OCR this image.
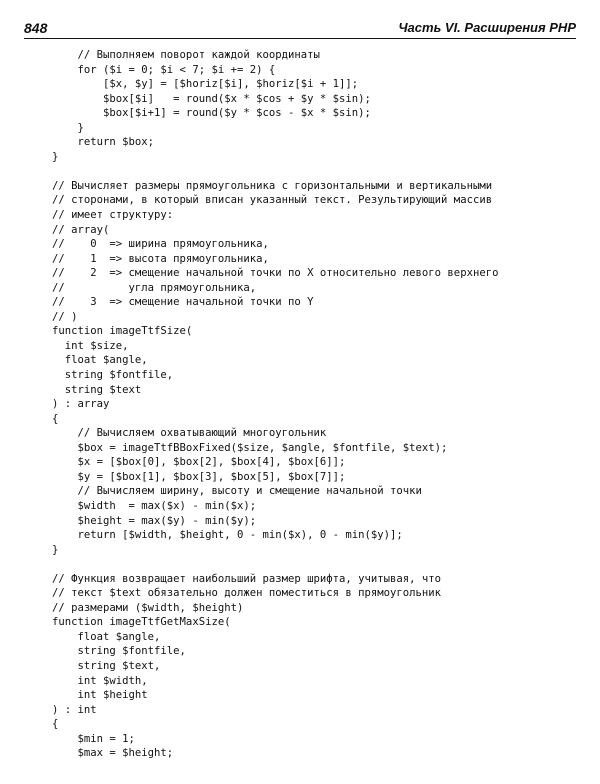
848	Часть VI. Расширения PHP
// Выполняем поворот каждой координаты
for ($i = 0; $i < 7; $i += 2) {
[$x, $y] = [$horiz[$i], $horiz[$i + 1]];
$box[$i]   = round($x * $cos + $y * $sin);
$box[$i+1] = round($y * $cos - $x * $sin);
}
return $box;
}

// Вычисляет размеры прямоугольника с горизонтальными и вертикальными
// сторонами, в который вписан указанный текст. Результирующий массив
// имеет структуру:
// array(
//    0  => ширина прямоугольника,
//    1  => высота прямоугольника,
//    2  => смещение начальной точки по X относительно левого верхнего
//          угла прямоугольника,
//    3  => смещение начальной точки по Y
// )
function imageTtfSize(
int $size,
float $angle,
string $fontfile,
string $text
) : array
{
// Вычисляем охватывающий многоугольник
$box = imageTtfBBoxFixed($size, $angle, $fontfile, $text);
$x = [$box[0], $box[2], $box[4], $box[6]];
$y = [$box[1], $box[3], $box[5], $box[7]];
// Вычисляем ширину, высоту и смещение начальной точки
$width  = max($x) - min($x);
$height = max($y) - min($y);
return [$width, $height, 0 - min($x), 0 - min($y)];
}

// Функция возвращает наибольший размер шрифта, учитывая, что
// текст $text обязательно должен поместиться в прямоугольник
// размерами ($width, $height)
function imageTtfGetMaxSize(
float $angle,
string $fontfile,
string $text,
int $width,
int $height
) : int
{
$min = 1;
$max = $height;
